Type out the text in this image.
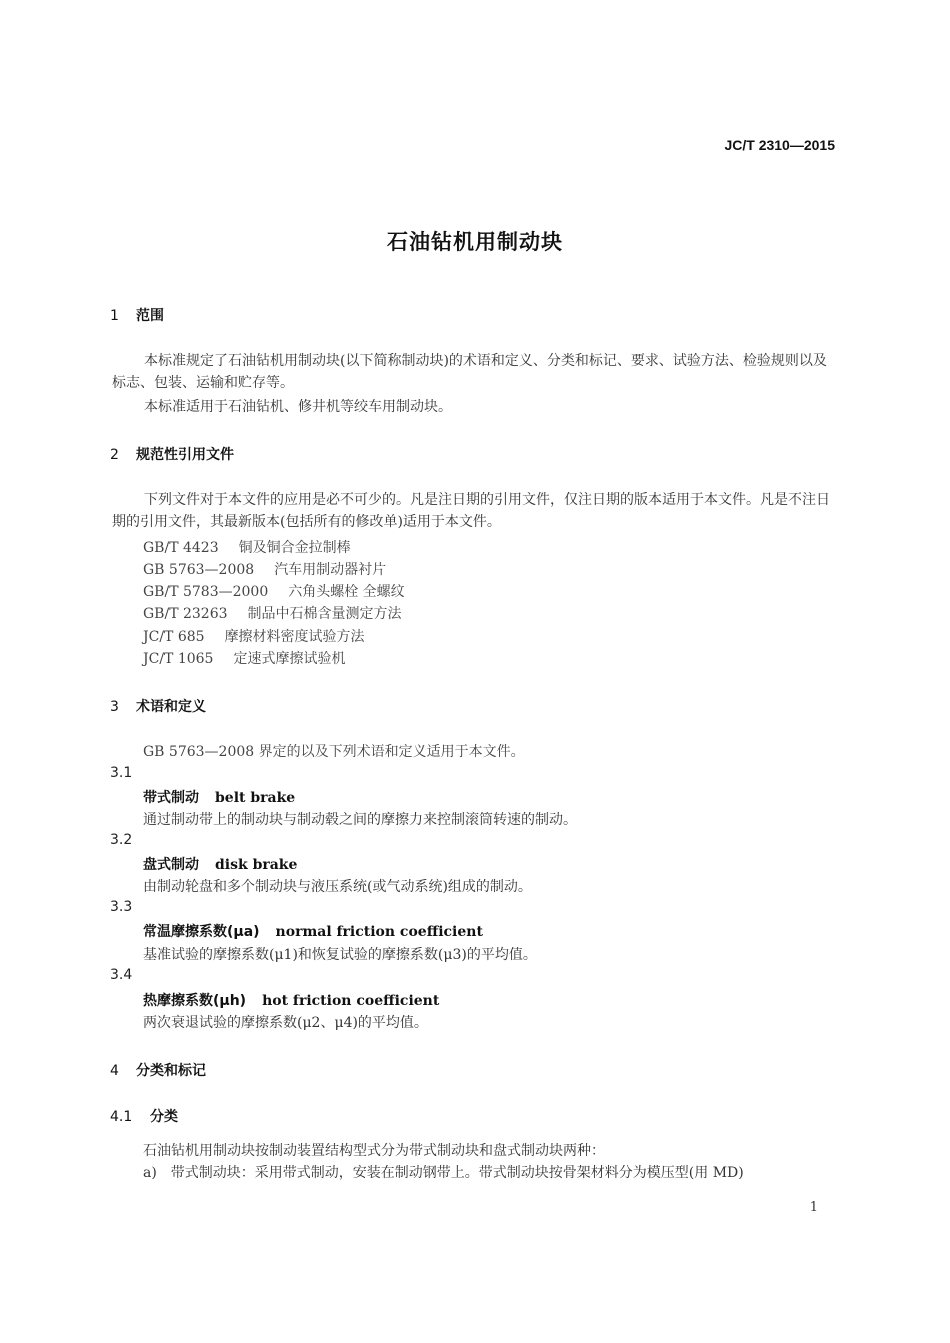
JC/T 2310—2015
石油钻机用制动块
1 范围
本标准规定了石油钻机用制动块(以下简称制动块)的术语和定义、分类和标记、要求、试验方法、检验规则以及标志、包装、运输和贮存等。
本标准适用于石油钻机、修井机等绞车用制动块。
2 规范性引用文件
下列文件对于本文件的应用是必不可少的。凡是注日期的引用文件，仅注日期的版本适用于本文件。凡是不注日期的引用文件，其最新版本(包括所有的修改单)适用于本文件。
GB/T 4423 铜及铜合金拉制棒
GB 5763—2008 汽车用制动器衬片
GB/T 5783—2000 六角头螺栓 全螺纹
GB/T 23263 制品中石棉含量测定方法
JC/T 685 摩擦材料密度试验方法
JC/T 1065 定速式摩擦试验机
3 术语和定义
GB 5763—2008 界定的以及下列术语和定义适用于本文件。
3.1
带式制动 belt brake
通过制动带上的制动块与制动毂之间的摩擦力来控制滚筒转速的制动。
3.2
盘式制动 disk brake
由制动轮盘和多个制动块与液压系统(或气动系统)组成的制动。
3.3
常温摩擦系数(μa) normal friction coefficient
基准试验的摩擦系数(μ1)和恢复试验的摩擦系数(μ3)的平均值。
3.4
热摩擦系数(μh) hot friction coefficient
两次衰退试验的摩擦系数(μ2、μ4)的平均值。
4 分类和标记
4.1 分类
石油钻机用制动块按制动装置结构型式分为带式制动块和盘式制动块两种：
a)　带式制动块：采用带式制动，安装在制动钢带上。带式制动块按骨架材料分为模压型(用 MD)
1
